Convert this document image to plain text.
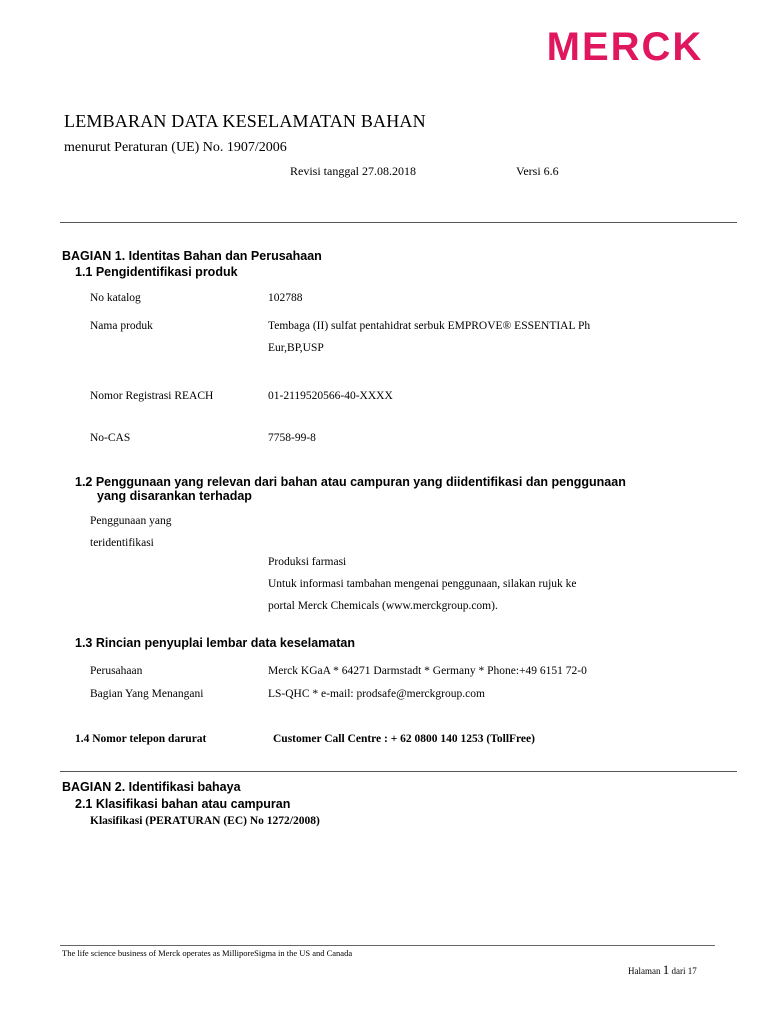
MERCK
LEMBARAN DATA KESELAMATAN BAHAN
menurut Peraturan (UE) No. 1907/2006
Revisi tanggal 27.08.2018	Versi 6.6
BAGIAN 1. Identitas Bahan dan Perusahaan
1.1 Pengidentifikasi produk
No katalog	102788
Nama produk	Tembaga (II) sulfat pentahidrat serbuk EMPROVE® ESSENTIAL Ph
Eur,BP,USP
Nomor Registrasi REACH	01-2119520566-40-XXXX
No-CAS	7758-99-8
1.2 Penggunaan yang relevan dari bahan atau campuran yang diidentifikasi dan penggunaan
yang disarankan terhadap
Penggunaan yang
teridentifikasi
Produksi farmasi
Untuk informasi tambahan mengenai penggunaan, silakan rujuk ke
portal Merck Chemicals (www.merckgroup.com).
1.3 Rincian penyuplai lembar data keselamatan
Perusahaan	Merck KGaA * 64271 Darmstadt * Germany * Phone:+49 6151 72-0
Bagian Yang Menangani	LS-QHC * e-mail: prodsafe@merckgroup.com
1.4 Nomor telepon darurat	Customer Call Centre : + 62 0800 140 1253 (TollFree)
BAGIAN 2. Identifikasi bahaya
2.1 Klasifikasi bahan atau campuran
Klasifikasi (PERATURAN (EC) No 1272/2008)
The life science business of Merck operates as MilliporeSigma in the US and Canada
Halaman 1 dari 17
